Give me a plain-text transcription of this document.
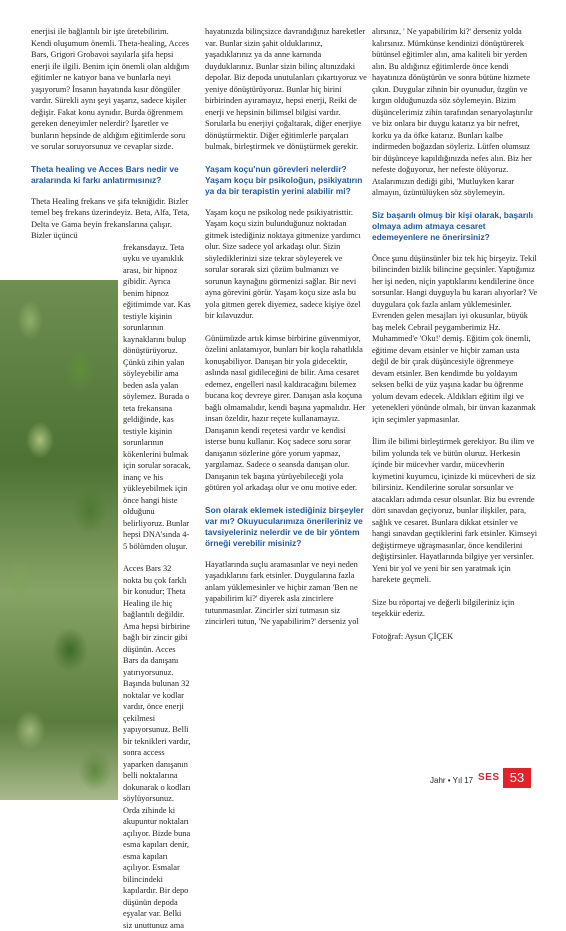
enerjisi ile bağlantılı bir işte üretebilirim. Kendi oluşumum önemli. Theta-healing, Acces Bars, Grigori Grobavoi sayılarla şifa hepsi enerji ile ilgili. Benim için önemli olan aldığım eğitimler ne katıyor bana ve bunlarla neyi yaşıyorum? İnsanın hayatında kısır döngüler vardır. Sürekli aynı şeyi yaşarız, sadece kişiler değişir. Fakat konu aynıdır. Burda öğrenmem gereken deneyimler nelerdir? İşaretler ve bunların hepsinde de aldığım eğitimlerde soru ve sorular soruyorsunuz ve cevaplar sizde.

Theta healing ve Acces Bars nedir ve aralarında ki farkı anlatırmısınız?

Theta Healing frekans ve şifa tekniğidir. Bizler temel beş frekans üzerindeyiz. Beta, Alfa, Teta, Delta ve Gama beyin frekanslarına çalışır. Bizler üçüncü

frekansdayız. Teta uyku ve uyanıklık arası, bir hipnoz gibidir. Ayrıca benim hipnoz eğitimimde var. Kas testiyle kişinin sorunlarının kaynaklarını bulup dönüştürüyoruz. Çünkü zihin yalan söyleyebilir ama beden asla yalan söylemez. Burada o teta frekansına geldiğinde, kas testiyle kişinin sorunlarının kökenlerini bulmak için sorular soracak, inanç ve his yükleyebilmek için önce hangi histe olduğunu belirliyoruz. Bunlar hepsi DNA'sında 4-5 bölümden oluşur.

Acces Bars 32 nokta bu çok farklı bir konudur; Theta Healing ile hiç bağlantılı değildir. Ama hepsi birbirine bağlı bir zincir gibi düşünün. Acces Bars da danışanı yatırıyorsunuz. Başında bulunan 32 noktalar ve kodlar vardır, önce enerji çekilmesi yapıyorsunuz. Belli bir teknikleri vardır, sonra access yaparken danışanın belli noktalarına dokunarak o kodları söylüyorsunuz. Orda zihinde ki akupuntur noktaları açılıyor. Bizde buna esma kapıları denir, esma kapıları açılıyor. Esmalar bilincindeki kapılardır. Bir depo düşünün depoda eşyalar var. Belki siz unuttunuz ama

hayatınızda bilinçsizce davrandığınız hareketler var. Bunlar sizin şahit olduklarınız, yaşadıklarınız ya da anne karnında duyduklarınız. Bunlar sizin bilinç altınızdaki depolar. Biz depoda unutulanları çıkartıyoruz ve yeniye dönüştürüyoruz. Bunlar hiç birini birbirinden ayıramayız, hepsi enerji, Reiki de enerji ve hepsinin bilimsel bilgisi vardır. Sorularla bu enerjiyi çoğaltarak, diğer enerjiye dönüştürmektir. Diğer eğitimlerle parçaları bulmak, birleştirmek ve dönüştürmek gerekir.

Yaşam koçu'nun görevleri nelerdir? Yaşam koçu bir psikoloğun, psikiyatırın ya da bir terapistin yerini alabilir mi?

Yaşam koçu ne psikolog nede psikiyatristtir. Yaşam koçu sizin bulunduğunuz noktadan gitmek istediğiniz noktaya gitmenize yardımcı olur. Size sadece yol arkadaşı olur. Sizin söylediklerinizi size tekrar söyleyerek ve sorular sorarak sizi çözüm bulmanızı ve sorunun kaynağını görmenizi sağlar. Bir nevi ayna görevini görür. Yaşam koçu size asla bu yola gitmen gerek diyemez, sadece kişiye özel bir kılavuzdur.

Günümüzde artık kimse birbirine güvenmiyor, özelini anlatamıyor, bunları bir koçla rahatlıkla konuşabiliyor. Danışan bir yola gidecektir, aslında nasıl gidileceğini de bilir. Ama cesaret edemez, engelleri nasıl kaldıracağını bilemez bucana koç devreye girer. Danışan asla koçuna bağlı olmamalıdır, kendi başına yapmalıdır. Her insan özeldir, hazır reçete kullanamayız. Danışanın kendi reçetesi vardır ve kendisi isterse bunu kullanır. Koç sadece soru sorar danışanın sözlerine göre yorum yapmaz, yargılamaz. Sadece o seansda danışan olur. Danışanın tek başına yürüyebileceği yola götüren yol arkadaşı olur ve onu motive eder.

Son olarak eklemek istediğiniz birşeyler var mı? Okuyucularımıza önerileriniz ve tavsiyeleriniz nelerdir ve de bir yöntem örneği verebilir misiniz?

Hayatlarında suçlu aramasınlar ve neyi neden yaşadıklarını fark etsinler. Duygularına fazla anlam yüklemesinler ve hiçbir zaman 'Ben ne yapabilirim ki?' diyerek asla zincirlere tutunmasınlar. Zincirler sizi tutmasın siz zincirleri tutun, 'Ne yapabilirim?' derseniz yol

alırsınız, ' Ne yapabilirim ki?' derseniz yolda kalırsınız. Mümkünse kendinizi dönüştürerek bütünsel eğitimler alın, ama kaliteli bir yerden alın. Bu aldığınız eğitimlerde önce kendi hayatınıza dönüştürün ve sonra bütüne hizmete çıkın. Duygular zihnin bir oyunudur, üzgün ve kırgın olduğunuzda söz söylemeyin. Bizim düşüncelerimiz zihin tarafından senaryolaştırılır ve biz onlara bir duygu katarız ya bir nefret, korku ya da öfke katarız. Bunları kalbe indirmeden boğazdan söyleriz. Lütfen olumsuz bir düşünceye kapıldığınızda nefes alın. Biz her nefeste doğuyoruz, her nefeste ölüyoruz. Atalarımızın dediği gibi, 'Mutluyken karar almayın, üzüntülüyken söz söylemeyin.

Siz başarılı olmuş bir kişi olarak, başarılı olmaya adım atmaya cesaret edemeyenlere ne önerirsiniz?

Önce şunu düşünsünler biz tek hiç birşeyiz. Tekil bilincinden bizlik bilincine geçsinler. Yaptığımız her işi neden, niçin yaptıklarını kendilerine önce sorsunlar. Hangi duyguyla bu kararı alıyorlar? Ve duygulara çok fazla anlam yüklemesinler. Evrenden gelen mesajları iyi okusunlar, büyük baş melek Cebrail peygamberimiz Hz. Muhammed'e 'Oku!' demiş. Eğitim çok önemli, eğitime devam etsinler ve hiçbir zaman usta değil de bir çırak düşüncesiyle öğrenmeye devam etsinler. Ben kendimde bu yoldayım seksen belki de yüz yaşına kadar bu öğrenme yolum devam edecek. Aldıkları eğitim ilgi ve yetenekleri yönünde olmalı, bir ünvan kazanmak için seçimler yapmasınlar.

İlim ile bilimi birleştirmek gerekiyor. Bu ilim ve bilim yolunda tek ve bütün oluruz. Herkesin içinde bir mücevher vardır, mücevherin kıymetini kuyumcu, içinizde ki mücevheri de siz bilirsiniz. Kendilerine sorular sorsunlar ve atacakları adımda cesur olsunlar. Biz bu evrende dört sınavdan geçiyoruz, bunlar ilişkiler, para, sağlık ve cesaret. Bunlara dikkat etsinler ve hangi sınavdan geçtiklerini fark etsinler. Kimseyi değiştirmeye uğraşmasınlar, önce kendilerini değiştirsinler. Hayatlarında bilgiye yer versinler. Yeni bir yol ve yeni bir sen yaratmak için harekete geçmeli.

Size bu röportaj ve değerli bilgileriniz için teşekkür ederiz.

Fotoğraf: Aysun ÇİÇEK

Jahr • Yıl 17 SES 53
